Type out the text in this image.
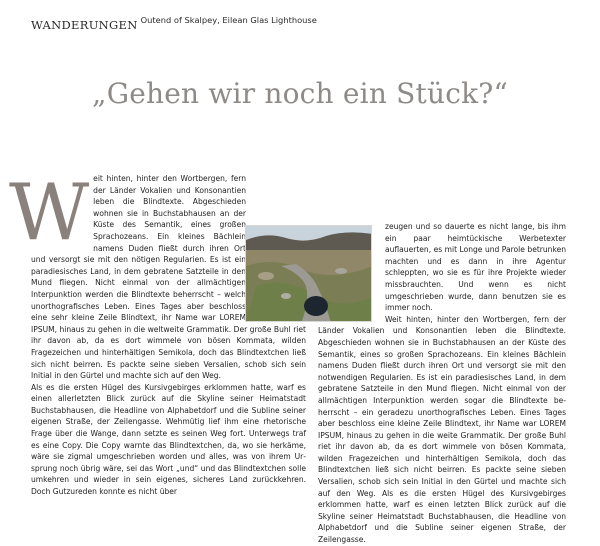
WANDERUNGEN Outend of Skalpey, Eilean Glas Lighthouse
„Gehen wir noch ein Stück?“
W eit hinten, hinter den Wortbergen, fern der Länder Vokalien und Konsonantien leben die Blindtexte. Abgeschieden wohnen sie in Buchstabhausen an der Küste des Semantik, eines großen Sprachozeans. Ein kleines Bächlein namens Duden fließt durch ihren Ort und versorgt sie mit den nötigen Regularien. Es ist ein paradiesisches Land, in dem gebratene Satzteile in den Mund fliegen. Nicht einmal von der allmächtigen Interpunktion werden die Blindtexte beherrscht – welch unorthografisches Leben. Eines Tages aber beschloss eine sehr kleine Zeile Blindtext, ihr Name war LOREM IPSUM, hinaus zu gehen in die weltweite Grammatik. Der große Buhl riet ihr davon ab, da es dort wimmele von bösen Kommata, wilden Fragezeichen und hinterhältigen Semikola, doch das Blindtextchen ließ sich nicht beirren. Es packte seine sieben Versalien, schob sich sein Initial in den Gürtel und machte sich auf den Weg.

Als es die ersten Hügel des Kursivgebirges erklommen hatte, warf es einen allerletzten Blick zurück auf die Skyline seiner Heimatstadt Buchstabhausen, die Headline von Alphabetdorf und die Subline seiner eigenen Straße, der Zeilengasse. Wehmütig lief ihm eine rhetorische Frage über die Wange, dann setzte es seinen Weg fort. Unterwegs traf es eine Copy. Die Copy warnte das Blindtextchen, da, wo sie herkäme, wäre sie zigmal umgeschrieben worden und alles, was von ihrem Ursprung noch übrig wäre, sei das Wort „und“ und das Blindtextchen solle umkehren und wieder in sein eigenes, sicheres Land zurückkehren. Doch Gutzureden konnte es nicht über

zeugen und so dauerte es nicht lange, bis ihm ein paar heimtückische Werbetexter auflauerten, es mit Longe und Parole betrunken machten und es dann in ihre Agentur schleppten, wo sie es für ihre Projekte wieder missbrauchten. Und wenn es nicht umgeschrieben wurde, dann benutzen sie es immer noch.

Weit hinten, hinter den Wortbergen, fern der Länder Vokalien und Konsonantien leben die Blindtexte. Abgeschieden wohnen sie in Buchstabhausen an der Küste des Semantik, eines so großen Sprachozeans. Ein kleines Bächlein namens Duden fließt durch ihren Ort und versorgt sie mit den notwendigen Regularien. Es ist ein paradiesisches Land, in dem gebratene Satzteile in den Mund fliegen. Nicht einmal von der allmächtigen Interpunktion werden sogar die Blindtexte beherrscht – ein geradezu unorthografisches Leben. Eines Tages aber beschloss eine kleine Zeile Blindtext, ihr Name war LOREM IPSUM, hinaus zu gehen in die weite Grammatik. Der große Buhl riet ihr davon ab, da es dort wimmele von bösen Kommata, wilden Fragezeichen und hinterhältigen Semikola, doch das Blindtextchen ließ sich nicht beirren. Es packte seine sieben Versalien, schob sich sein Initial in den Gürtel und machte sich auf den Weg. Als es die ersten Hügel des Kursivgebirges erklommen hatte, warf es einen letzten Blick zurück auf die Skyline seiner Heimatstadt Buchstabhausen, die Headline von Alphabetdorf und die Subline seiner eigenen Straße, der Zeilengasse.
